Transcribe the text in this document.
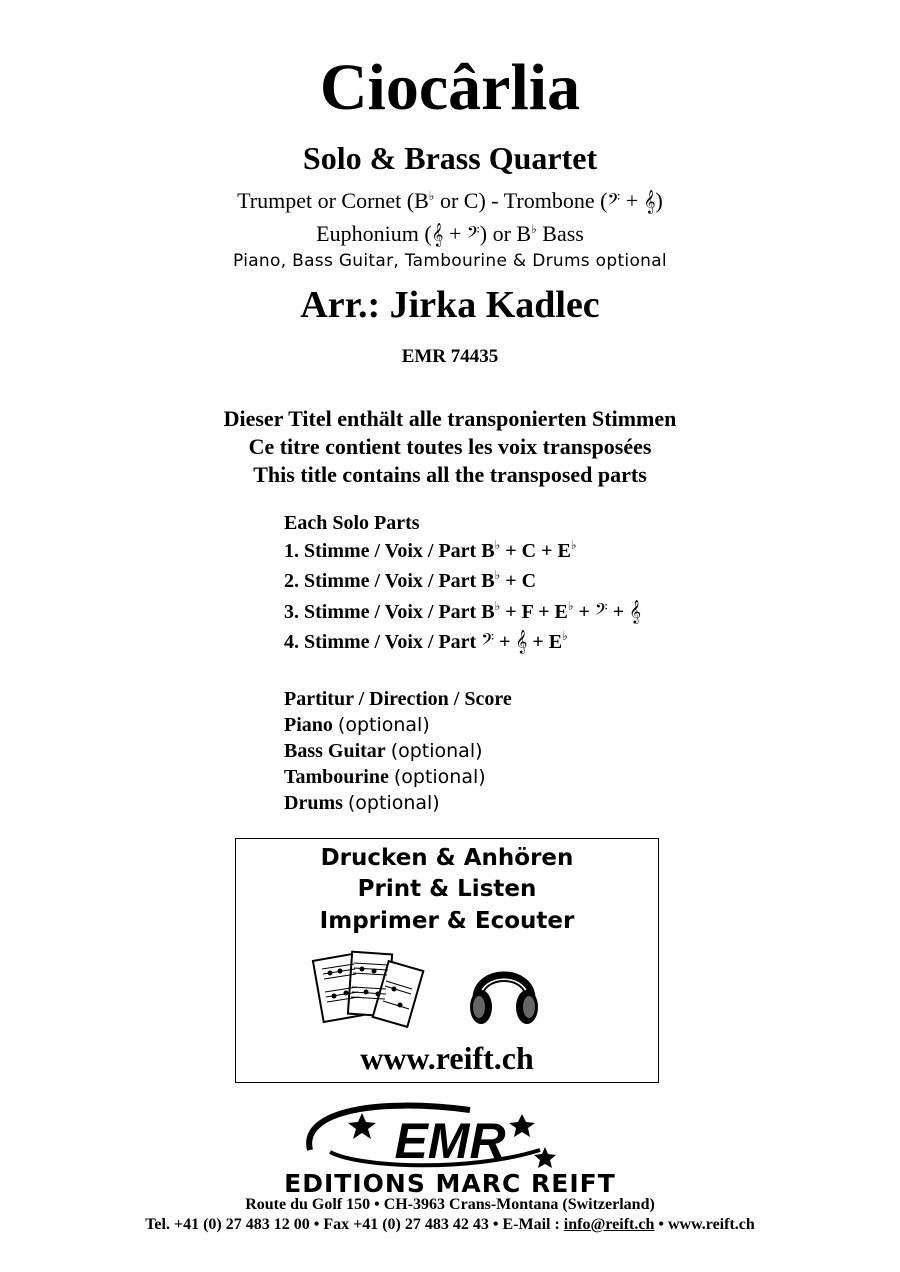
Ciocârlia
Solo & Brass Quartet
Trumpet or Cornet (B♭ or C) - Trombone (𝄢 + 𝄞)
Euphonium (𝄞 + 𝄢) or B♭ Bass
Piano, Bass Guitar, Tambourine & Drums optional
Arr.: Jirka Kadlec
EMR 74435
Dieser Titel enthält alle transponierten Stimmen
Ce titre contient toutes les voix transposées
This title contains all the transposed parts
Each Solo Parts
1. Stimme / Voix / Part B♭ + C + E♭
2. Stimme / Voix / Part B♭ + C
3. Stimme / Voix / Part B♭ + F + E♭ + 𝄢 + 𝄞
4. Stimme / Voix / Part 𝄢 + 𝄞 + E♭
Partitur / Direction / Score
Piano (optional)
Bass Guitar (optional)
Tambourine (optional)
Drums (optional)
Drucken & Anhören
Print & Listen
Imprimer & Ecouter
www.reift.ch
EMR
EDITIONS MARC REIFT
Route du Golf 150 • CH-3963 Crans-Montana (Switzerland)
Tel. +41 (0) 27 483 12 00 • Fax +41 (0) 27 483 42 43 • E-Mail : info@reift.ch • www.reift.ch
